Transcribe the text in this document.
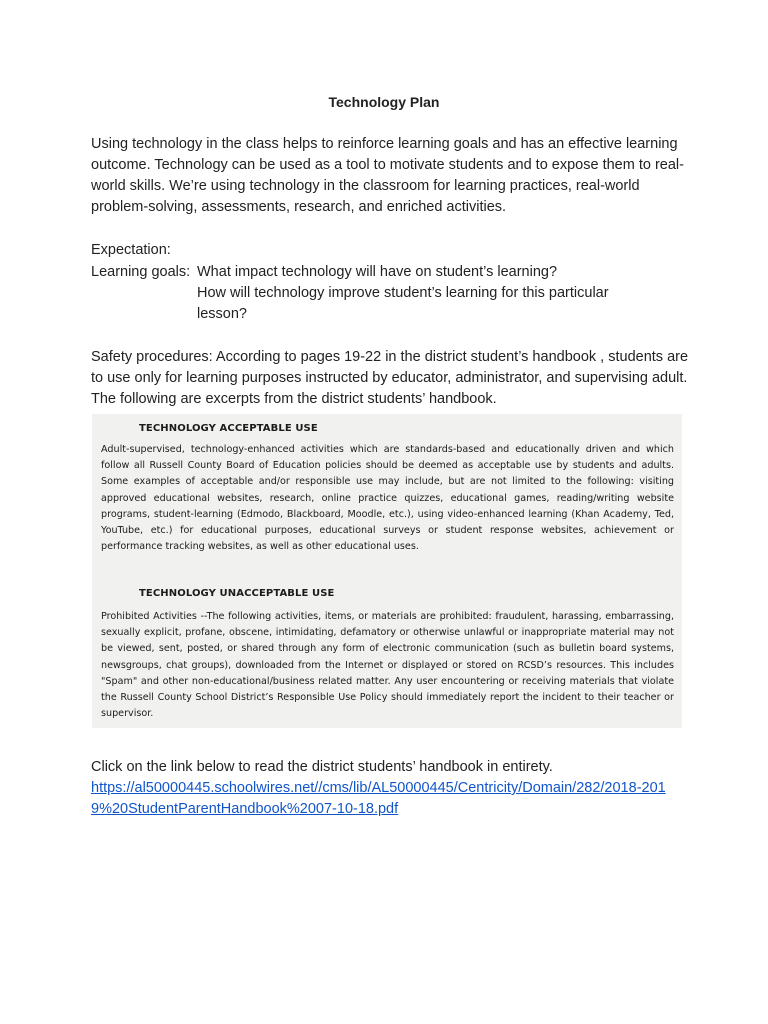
Technology Plan

Using technology in the class helps to reinforce learning goals and has an effective learning outcome. Technology can be used as a tool to motivate students and to expose them to real-world skills. We’re using technology in the classroom for learning practices, real-world problem-solving, assessments, research, and enriched activities.

Expectation:

Learning goals: What impact technology will have on student’s learning?
How will technology improve student’s learning for this particular lesson?

Safety procedures: According to pages 19-22 in the district student’s handbook , students are to use only for learning purposes instructed by educator, administrator, and supervising adult. The following are excerpts from the district students’ handbook.

TECHNOLOGY ACCEPTABLE USE

Adult-supervised, technology-enhanced activities which are standards-based and educationally driven and which follow all Russell County Board of Education policies should be deemed as acceptable use by students and adults. Some examples of acceptable and/or responsible use may include, but are not limited to the following: visiting approved educational websites, research, online practice quizzes, educational games, reading/writing website programs, student-learning (Edmodo, Blackboard, Moodle, etc.), using video-enhanced learning (Khan Academy, Ted, YouTube, etc.) for educational purposes, educational surveys or student response websites, achievement or performance tracking websites, as well as other educational uses.

TECHNOLOGY UNACCEPTABLE USE

Prohibited Activities --The following activities, items, or materials are prohibited: fraudulent, harassing, embarrassing, sexually explicit, profane, obscene, intimidating, defamatory or otherwise unlawful or inappropriate material may not be viewed, sent, posted, or shared through any form of electronic communication (such as bulletin board systems, newsgroups, chat groups), downloaded from the Internet or displayed or stored on RCSD’s resources. This includes "Spam" and other non-educational/business related matter. Any user encountering or receiving materials that violate the Russell County School District’s Responsible Use Policy should immediately report the incident to their teacher or supervisor.

Click on the link below to read the district students’ handbook in entirety.

https://al50000445.schoolwires.net//cms/lib/AL50000445/Centricity/Domain/282/2018-2019%20StudentParentHandbook%2007-10-18.pdf
